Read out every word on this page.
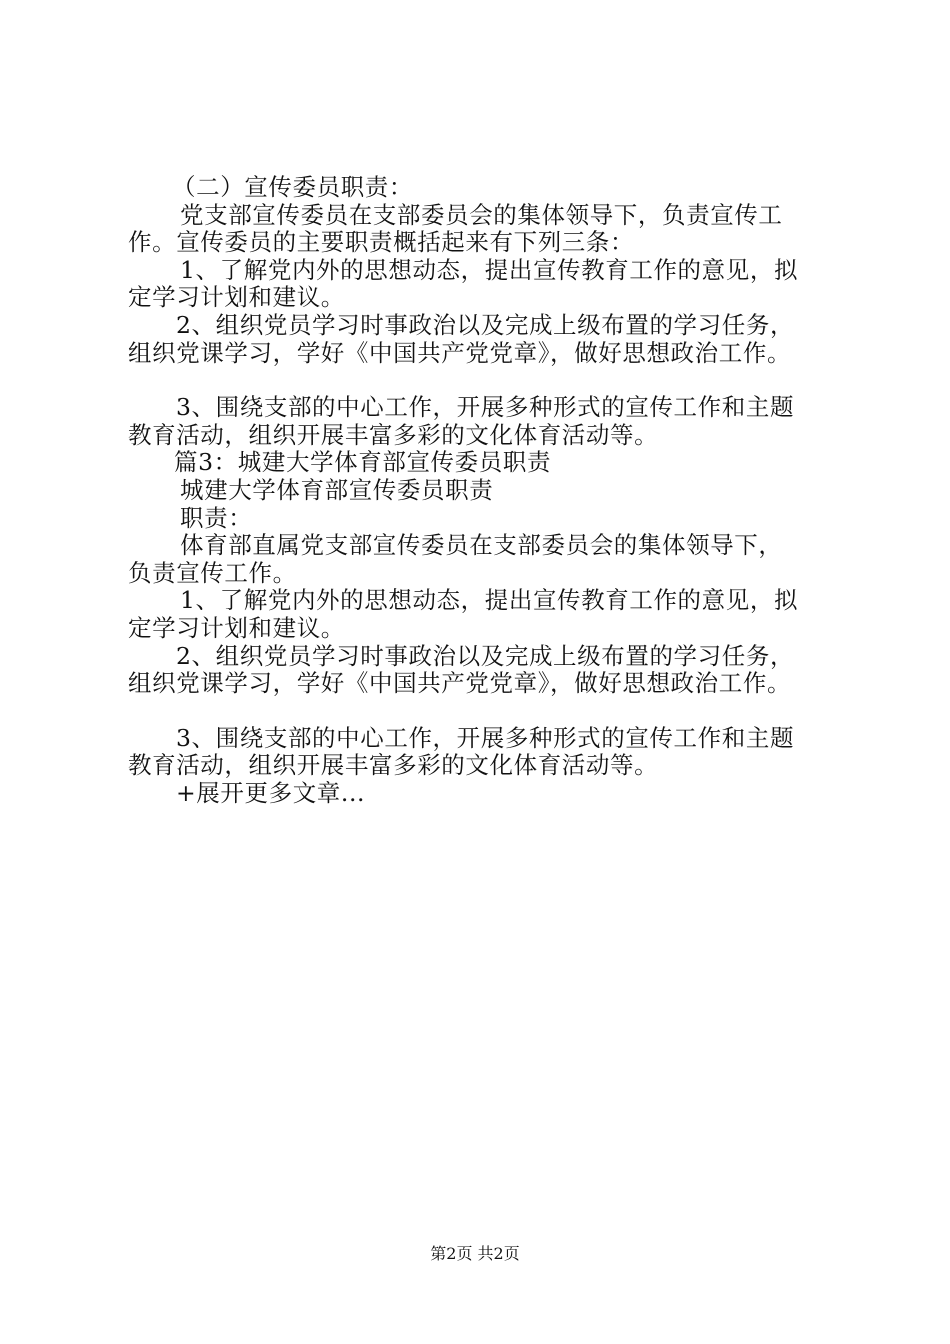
（二）宣传委员职责：
党支部宣传委员在支部委员会的集体领导下，负责宣传工
作。宣传委员的主要职责概括起来有下列三条：
1、了解党内外的思想动态，提出宣传教育工作的意见，拟
定学习计划和建议。
2、组织党员学习时事政治以及完成上级布置的学习任务，
组织党课学习，学好《中国共产党党章》，做好思想政治工作。
3、围绕支部的中心工作，开展多种形式的宣传工作和主题
教育活动，组织开展丰富多彩的文化体育活动等。
篇3：城建大学体育部宣传委员职责
城建大学体育部宣传委员职责
职责：
体育部直属党支部宣传委员在支部委员会的集体领导下，
负责宣传工作。
1、了解党内外的思想动态，提出宣传教育工作的意见，拟
定学习计划和建议。
2、组织党员学习时事政治以及完成上级布置的学习任务，
组织党课学习，学好《中国共产党党章》，做好思想政治工作。
3、围绕支部的中心工作，开展多种形式的宣传工作和主题
教育活动，组织开展丰富多彩的文化体育活动等。
+展开更多文章...
第2页 共2页
